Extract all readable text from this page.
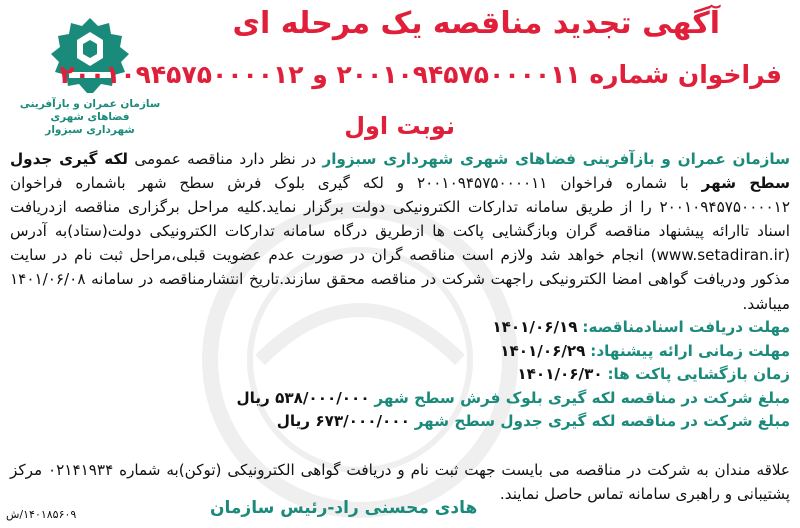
سازمان عمران و بازآفرینی فضاهای شهری
شهرداری سبزوار
آگهی تجدید مناقصه یک مرحله ای
فراخوان شماره ۲۰۰۱۰۹۴۵۷۵۰۰۰۰۱۱ و ۲۰۰۱۰۹۴۵۷۵۰۰۰۰۱۲
نوبت اول
سازمان عمران و بازآفرینی فضاهای شهری شهرداری سبزوار در نظر دارد مناقصه عمومی لکه گیری جدول سطح شهر با شماره فراخوان ۲۰۰۱۰۹۴۵۷۵۰۰۰۰۱۱ و لکه گیری بلوک فرش سطح شهر باشماره فراخوان ۲۰۰۱۰۹۴۵۷۵۰۰۰۰۱۲ را از طریق سامانه تدارکات الکترونیکی دولت برگزار نماید.کلیه مراحل برگزاری مناقصه ازدریافت اسناد تاارائه پیشنهاد مناقصه گران وبازگشایی پاکت ها ازطریق درگاه سامانه تدارکات الکترونیکی دولت(ستاد)به آدرس (www.setadiran.ir) انجام خواهد شد ولازم است مناقصه گران در صورت عدم عضویت قبلی،مراحل ثبت نام در سایت مذکور ودریافت گواهی امضا الکترونیکی راجهت شرکت در مناقصه محقق سازند.تاریخ انتشارمناقصه در سامانه ۱۴۰۱/۰۶/۰۸ میباشد.
مهلت دریافت اسنادمناقصه: ۱۴۰۱/۰۶/۱۹
مهلت زمانی ارائه پیشنهاد: ۱۴۰۱/۰۶/۲۹
زمان بازگشایی پاکت ها: ۱۴۰۱/۰۶/۳۰
مبلغ شرکت در مناقصه لکه گیری بلوک فرش سطح شهر ۵۳۸/۰۰۰/۰۰۰ ریال
مبلغ شرکت در مناقصه لکه گیری جدول سطح شهر ۶۷۳/۰۰۰/۰۰۰ ریال
علاقه مندان به شرکت در مناقصه می بایست جهت ثبت نام و دریافت گواهی الکترونیکی (توکن)به شماره ۰۲۱۴۱۹۳۴ مرکز پشتیبانی و راهبری سامانه تماس حاصل نمایند.
هادی محسنی راد-رئیس سازمان
۱۴۰۱۸۵۶۰۹/ش
